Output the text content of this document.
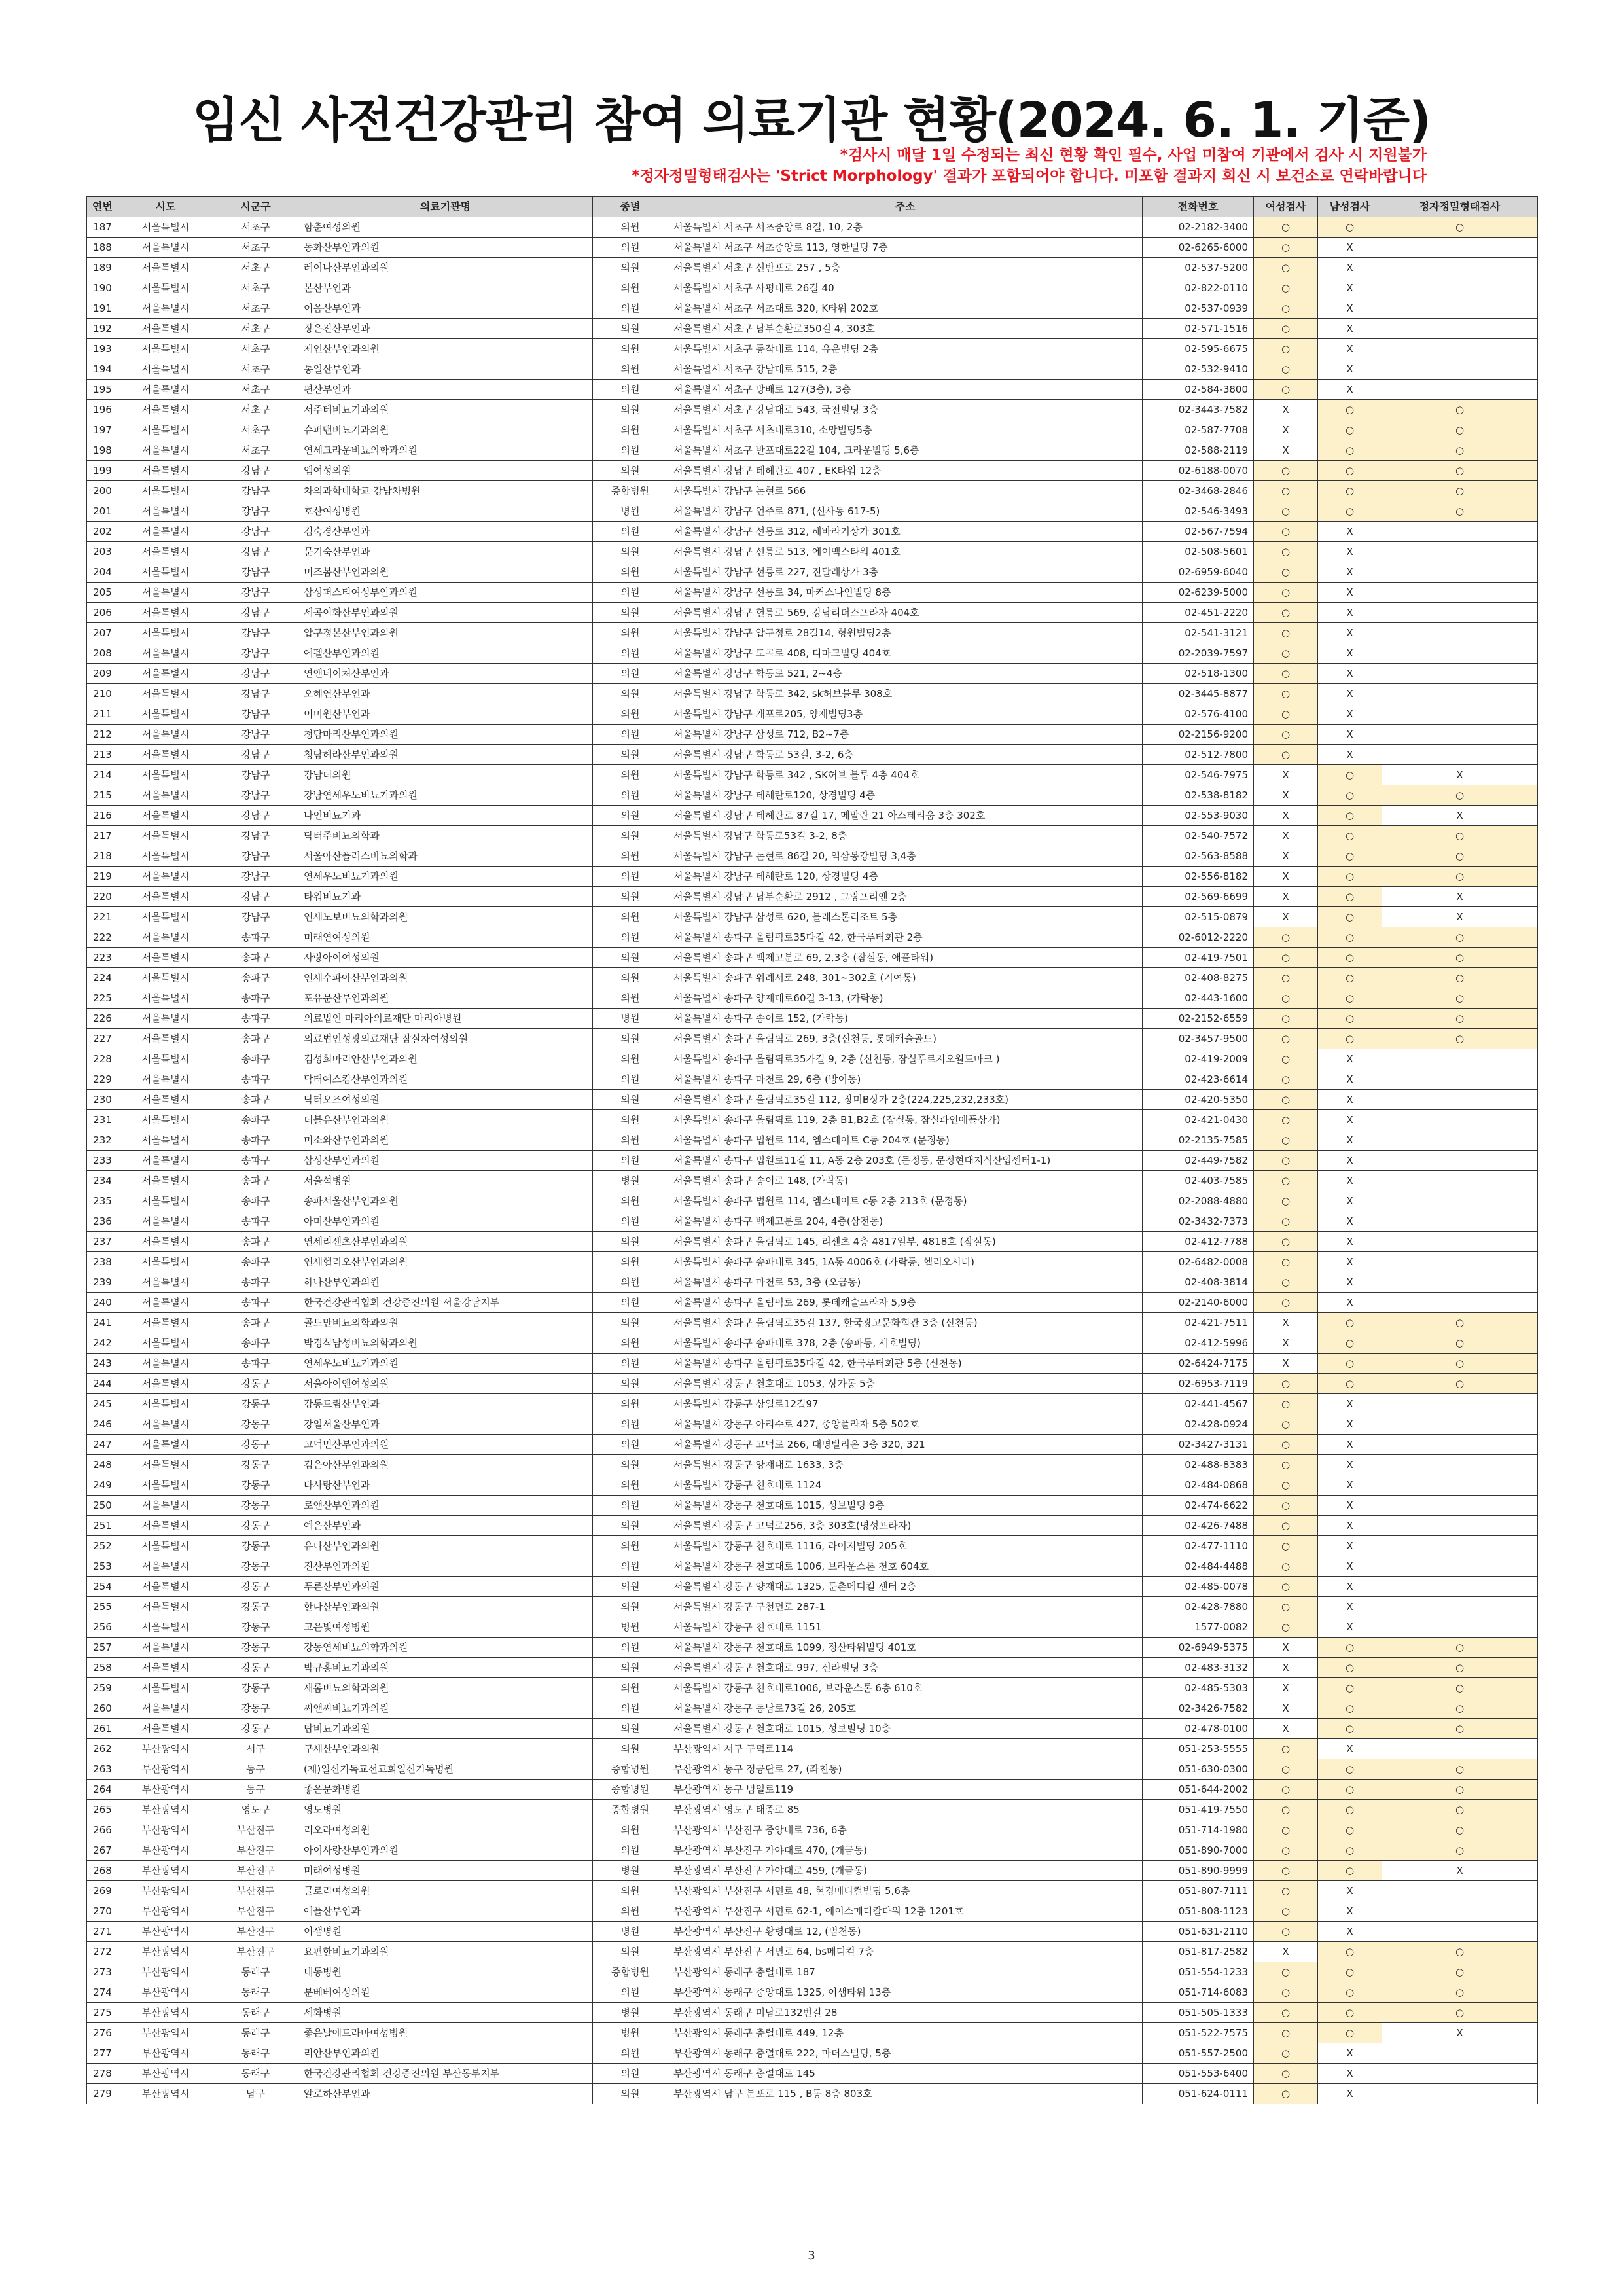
임신 사전건강관리 참여 의료기관 현황(2024. 6. 1. 기준)
*검사시 매달 1일 수정되는 최신 현황 확인 필수, 사업 미참여 기관에서 검사 시 지원불가
*정자정밀형태검사는 'Strict Morphology' 결과가 포함되어야 합니다. 미포함 결과지 회신 시 보건소로 연락바랍니다
연번	시도	시군구	의료기관명	종별	주소	전화번호	여성검사	남성검사	정자정밀형태검사
187	서울특별시	서초구	함춘여성의원	의원	서울특별시 서초구 서초중앙로 8길, 10, 2층	02-2182-3400	○	○	○
188	서울특별시	서초구	동화산부인과의원	의원	서울특별시 서초구 서초중앙로 113, 영한빌딩 7층	02-6265-6000	○	X	
189	서울특별시	서초구	레이나산부인과의원	의원	서울특별시 서초구 신반포로 257 , 5층	02-537-5200	○	X	
190	서울특별시	서초구	본산부인과	의원	서울특별시 서초구 사평대로 26길 40	02-822-0110	○	X	
191	서울특별시	서초구	이음산부인과	의원	서울특별시 서초구 서초대로 320, K타워 202호	02-537-0939	○	X	
192	서울특별시	서초구	장은진산부인과	의원	서울특별시 서초구 남부순환로350길 4, 303호	02-571-1516	○	X	
193	서울특별시	서초구	제인산부인과의원	의원	서울특별시 서초구 동작대로 114, 유운빌딩 2층	02-595-6675	○	X	
194	서울특별시	서초구	통일산부인과	의원	서울특별시 서초구 강남대로 515, 2층	02-532-9410	○	X	
195	서울특별시	서초구	편산부인과	의원	서울특별시 서초구 방배로 127(3층), 3층	02-584-3800	○	X	
196	서울특별시	서초구	서주테비뇨기과의원	의원	서울특별시 서초구 강남대로 543, 국전빌딩 3층	02-3443-7582	X	○	○
197	서울특별시	서초구	슈퍼맨비뇨기과의원	의원	서울특별시 서초구 서초대로310, 소망빌딩5층	02-587-7708	X	○	○
198	서울특별시	서초구	연세크라운비뇨의학과의원	의원	서울특별시 서초구 반포대로22길 104, 크라운빌딩 5,6층	02-588-2119	X	○	○
199	서울특별시	강남구	엠여성의원	의원	서울특별시 강남구 테헤란로 407 , EK타워 12층	02-6188-0070	○	○	○
200	서울특별시	강남구	차의과학대학교 강남차병원	종합병원	서울특별시 강남구 논현로 566	02-3468-2846	○	○	○
201	서울특별시	강남구	호산여성병원	병원	서울특별시 강남구 언주로 871, (신사동 617-5)	02-546-3493	○	○	○
202	서울특별시	강남구	김숙경산부인과	의원	서울특별시 강남구 선릉로 312, 해바라기상가 301호	02-567-7594	○	X	
203	서울특별시	강남구	문기숙산부인과	의원	서울특별시 강남구 선릉로 513, 에이맥스타워 401호	02-508-5601	○	X	
204	서울특별시	강남구	미즈봄산부인과의원	의원	서울특별시 강남구 선릉로 227, 진달래상가 3층	02-6959-6040	○	X	
205	서울특별시	강남구	삼성퍼스티여성부인과의원	의원	서울특별시 강남구 선릉로 34, 마커스나인빌딩 8층	02-6239-5000	○	X	
206	서울특별시	강남구	세곡이화산부인과의원	의원	서울특별시 강남구 헌릉로 569, 강남리더스프라자 404호	02-451-2220	○	X	
207	서울특별시	강남구	압구정본산부인과의원	의원	서울특별시 강남구 압구정로 28길14, 형원빌딩2층	02-541-3121	○	X	
208	서울특별시	강남구	에펠산부인과의원	의원	서울특별시 강남구 도곡로 408, 디마크빌딩 404호	02-2039-7597	○	X	
209	서울특별시	강남구	연앤네이쳐산부인과	의원	서울특별시 강남구 학동로 521, 2~4층	02-518-1300	○	X	
210	서울특별시	강남구	오혜연산부인과	의원	서울특별시 강남구 학동로 342, sk허브블루 308호	02-3445-8877	○	X	
211	서울특별시	강남구	이미원산부인과	의원	서울특별시 강남구 개포로205, 양재빌딩3층	02-576-4100	○	X	
212	서울특별시	강남구	청담마리산부인과의원	의원	서울특별시 강남구 삼성로 712, B2~7층	02-2156-9200	○	X	
213	서울특별시	강남구	청담헤라산부인과의원	의원	서울특별시 강남구 학동로 53길, 3-2, 6층	02-512-7800	○	X	
214	서울특별시	강남구	강남더의원	의원	서울특별시 강남구 학동로 342 , SK허브 블루 4층 404호	02-546-7975	X	○	X
215	서울특별시	강남구	강남연세우노비뇨기과의원	의원	서울특별시 강남구 테헤란로120, 상경빌딩 4층	02-538-8182	X	○	○
216	서울특별시	강남구	나인비뇨기과	의원	서울특별시 강남구 테헤란로 87길 17, 메말란 21 아스테리움 3층 302호	02-553-9030	X	○	X
217	서울특별시	강남구	닥터주비뇨의학과	의원	서울특별시 강남구 학동로53길 3-2, 8층	02-540-7572	X	○	○
218	서울특별시	강남구	서울아산플러스비뇨의학과	의원	서울특별시 강남구 논현로 86길 20, 역삼봉강빌딩 3,4층	02-563-8588	X	○	○
219	서울특별시	강남구	연세우노비뇨기과의원	의원	서울특별시 강남구 테헤란로 120, 상경빌딩 4층	02-556-8182	X	○	○
220	서울특별시	강남구	타워비뇨기과	의원	서울특별시 강남구 남부순환로 2912 , 그랑프리엔 2층	02-569-6699	X	○	X
221	서울특별시	강남구	연세노보비뇨의학과의원	의원	서울특별시 강남구 삼성로 620, 블래스톤리조트 5층	02-515-0879	X	○	X
222	서울특별시	송파구	미래연여성의원	의원	서울특별시 송파구 올림픽로35다길 42, 한국루터회관 2층	02-6012-2220	○	○	○
223	서울특별시	송파구	사랑아이여성의원	의원	서울특별시 송파구 백제고분로 69, 2,3층 (잠실동, 애플타워)	02-419-7501	○	○	○
224	서울특별시	송파구	연세수파아산부인과의원	의원	서울특별시 송파구 위례서로 248, 301~302호 (거여동)	02-408-8275	○	○	○
225	서울특별시	송파구	포유문산부인과의원	의원	서울특별시 송파구 양재대로60길 3-13, (가락동)	02-443-1600	○	○	○
226	서울특별시	송파구	의료법인 마리아의료재단 마리아병원	병원	서울특별시 송파구 송이로 152, (가락동)	02-2152-6559	○	○	○
227	서울특별시	송파구	의료법인성광의료재단 잠실차여성의원	의원	서울특별시 송파구 올림픽로 269, 3층(신천동, 롯데캐슬골드)	02-3457-9500	○	○	○
228	서울특별시	송파구	김성희마리안산부인과의원	의원	서울특별시 송파구 올림픽로35가길 9, 2층 (신천동, 잠실푸르지오월드마크 )	02-419-2009	○	X	
229	서울특별시	송파구	닥터예스킴산부인과의원	의원	서울특별시 송파구 마천로 29, 6층 (방이동)	02-423-6614	○	X	
230	서울특별시	송파구	닥터오즈여성의원	의원	서울특별시 송파구 올림픽로35길 112, 장미B상가 2층(224,225,232,233호)	02-420-5350	○	X	
231	서울특별시	송파구	더블유산부인과의원	의원	서울특별시 송파구 올림픽로 119, 2층 B1,B2호 (잠실동, 잠실파인애플상가)	02-421-0430	○	X	
232	서울특별시	송파구	미소와산부인과의원	의원	서울특별시 송파구 법원로 114, 엠스테이트 C동 204호 (문정동)	02-2135-7585	○	X	
233	서울특별시	송파구	삼성산부인과의원	의원	서울특별시 송파구 법원로11길 11, A동 2층 203호 (문정동, 문정현대지식산업센터1-1)	02-449-7582	○	X	
234	서울특별시	송파구	서울석병원	병원	서울특별시 송파구 송이로 148, (가락동)	02-403-7585	○	X	
235	서울특별시	송파구	송파서울산부인과의원	의원	서울특별시 송파구 법원로 114, 엠스테이트 c동 2층 213호 (문정동)	02-2088-4880	○	X	
236	서울특별시	송파구	아미산부인과의원	의원	서울특별시 송파구 백제고분로 204, 4층(삼전동)	02-3432-7373	○	X	
237	서울특별시	송파구	연세리센츠산부인과의원	의원	서울특별시 송파구 올림픽로 145, 리센츠 4층 4817일부, 4818호 (잠실동)	02-412-7788	○	X	
238	서울특별시	송파구	연세헬리오산부인과의원	의원	서울특별시 송파구 송파대로 345, 1A동 4006호 (가락동, 헬리오시티)	02-6482-0008	○	X	
239	서울특별시	송파구	하나산부인과의원	의원	서울특별시 송파구 마천로 53, 3층 (오금동)	02-408-3814	○	X	
240	서울특별시	송파구	한국건강관리협회 건강증진의원 서울강남지부	의원	서울특별시 송파구 올림픽로 269, 롯데캐슬프라자 5,9층	02-2140-6000	○	X	
241	서울특별시	송파구	골드만비뇨의학과의원	의원	서울특별시 송파구 올림픽로35길 137, 한국광고문화회관 3층 (신천동)	02-421-7511	X	○	○
242	서울특별시	송파구	박경식남성비뇨의학과의원	의원	서울특별시 송파구 송파대로 378, 2층 (송파동, 세호빌딩)	02-412-5996	X	○	○
243	서울특별시	송파구	연세우노비뇨기과의원	의원	서울특별시 송파구 올림픽로35다길 42, 한국루터회관 5층 (신천동)	02-6424-7175	X	○	○
244	서울특별시	강동구	서울아이앤여성의원	의원	서울특별시 강동구 천호대로 1053, 상가동 5층	02-6953-7119	○	○	○
245	서울특별시	강동구	강동드림산부인과	의원	서울특별시 강동구 상일로12길97	02-441-4567	○	X	
246	서울특별시	강동구	강일서울산부인과	의원	서울특별시 강동구 아리수로 427, 중앙플라자 5층 502호	02-428-0924	○	X	
247	서울특별시	강동구	고덕민산부인과의원	의원	서울특별시 강동구 고덕로 266, 대명빌리온 3층 320, 321	02-3427-3131	○	X	
248	서울특별시	강동구	김은아산부인과의원	의원	서울특별시 강동구 양재대로 1633, 3층	02-488-8383	○	X	
249	서울특별시	강동구	다사랑산부인과	의원	서울특별시 강동구 천호대로 1124	02-484-0868	○	X	
250	서울특별시	강동구	로앤산부인과의원	의원	서울특별시 강동구 천호대로 1015, 성보빌딩 9층	02-474-6622	○	X	
251	서울특별시	강동구	예은산부인과	의원	서울특별시 강동구 고덕로256, 3층 303호(명성프라자)	02-426-7488	○	X	
252	서울특별시	강동구	유나산부인과의원	의원	서울특별시 강동구 천호대로 1116, 라이저빌딩 205호	02-477-1110	○	X	
253	서울특별시	강동구	진산부인과의원	의원	서울특별시 강동구 천호대로 1006, 브라운스톤 천호 604호	02-484-4488	○	X	
254	서울특별시	강동구	푸른산부인과의원	의원	서울특별시 강동구 양재대로 1325, 둔촌메디컬 센터 2층	02-485-0078	○	X	
255	서울특별시	강동구	한나산부인과의원	의원	서울특별시 강동구 구천면로 287-1	02-428-7880	○	X	
256	서울특별시	강동구	고은빛여성병원	병원	서울특별시 강동구 천호대로 1151	1577-0082	○	X	
257	서울특별시	강동구	강동연세비뇨의학과의원	의원	서울특별시 강동구 천호대로 1099, 정산타워빌딩 401호	02-6949-5375	X	○	○
258	서울특별시	강동구	박규홍비뇨기과의원	의원	서울특별시 강동구 천호대로 997, 신라빌딩 3층	02-483-3132	X	○	○
259	서울특별시	강동구	새롬비뇨의학과의원	의원	서울특별시 강동구 천호대로1006, 브라운스톤 6층 610호	02-485-5303	X	○	○
260	서울특별시	강동구	씨앤씨비뇨기과의원	의원	서울특별시 강동구 동남로73길 26, 205호	02-3426-7582	X	○	○
261	서울특별시	강동구	탑비뇨기과의원	의원	서울특별시 강동구 천호대로 1015, 성보빌딩 10층	02-478-0100	X	○	○
262	부산광역시	서구	구세산부인과의원	의원	부산광역시 서구 구덕로114	051-253-5555	○	X	
263	부산광역시	동구	(재)일신기독교선교회일신기독병원	종합병원	부산광역시 동구 정공단로 27, (좌천동)	051-630-0300	○	○	○
264	부산광역시	동구	좋은문화병원	종합병원	부산광역시 동구 범일로119	051-644-2002	○	○	○
265	부산광역시	영도구	영도병원	종합병원	부산광역시 영도구 태종로 85	051-419-7550	○	○	○
266	부산광역시	부산진구	리오라여성의원	의원	부산광역시 부산진구 중앙대로 736, 6층	051-714-1980	○	○	○
267	부산광역시	부산진구	아이사랑산부인과의원	의원	부산광역시 부산진구 가야대로 470, (개금동)	051-890-7000	○	○	○
268	부산광역시	부산진구	미래여성병원	병원	부산광역시 부산진구 가야대로 459, (개금동)	051-890-9999	○	○	X
269	부산광역시	부산진구	글로리여성의원	의원	부산광역시 부산진구 서면로 48, 현경메디컬빌딩 5,6층	051-807-7111	○	X	
270	부산광역시	부산진구	에플산부인과	의원	부산광역시 부산진구 서면로 62-1, 에이스메티칼타워 12층 1201호	051-808-1123	○	X	
271	부산광역시	부산진구	이샘병원	병원	부산광역시 부산진구 황령대로 12, (범천동)	051-631-2110	○	X	
272	부산광역시	부산진구	요편한비뇨기과의원	의원	부산광역시 부산진구 서면로 64, bs메디컬 7층	051-817-2582	X	○	○
273	부산광역시	동래구	대동병원	종합병원	부산광역시 동래구 충렬대로 187	051-554-1233	○	○	○
274	부산광역시	동래구	분베베여성의원	의원	부산광역시 동래구 중앙대로 1325, 이샘타워 13층	051-714-6083	○	○	○
275	부산광역시	동래구	세화병원	병원	부산광역시 동래구 미남로132번길 28	051-505-1333	○	○	○
276	부산광역시	동래구	좋은날에드라마여성병원	병원	부산광역시 동래구 충렬대로 449, 12층	051-522-7575	○	○	X
277	부산광역시	동래구	리안산부인과의원	의원	부산광역시 동래구 충렬대로 222, 마더스빌딩, 5층	051-557-2500	○	X	
278	부산광역시	동래구	한국건강관리협회 건강증진의원 부산동부지부	의원	부산광역시 동래구 충렬대로 145	051-553-6400	○	X	
279	부산광역시	남구	알로하산부인과	의원	부산광역시 남구 분포로 115 , B동 8층 803호	051-624-0111	○	X	
3
